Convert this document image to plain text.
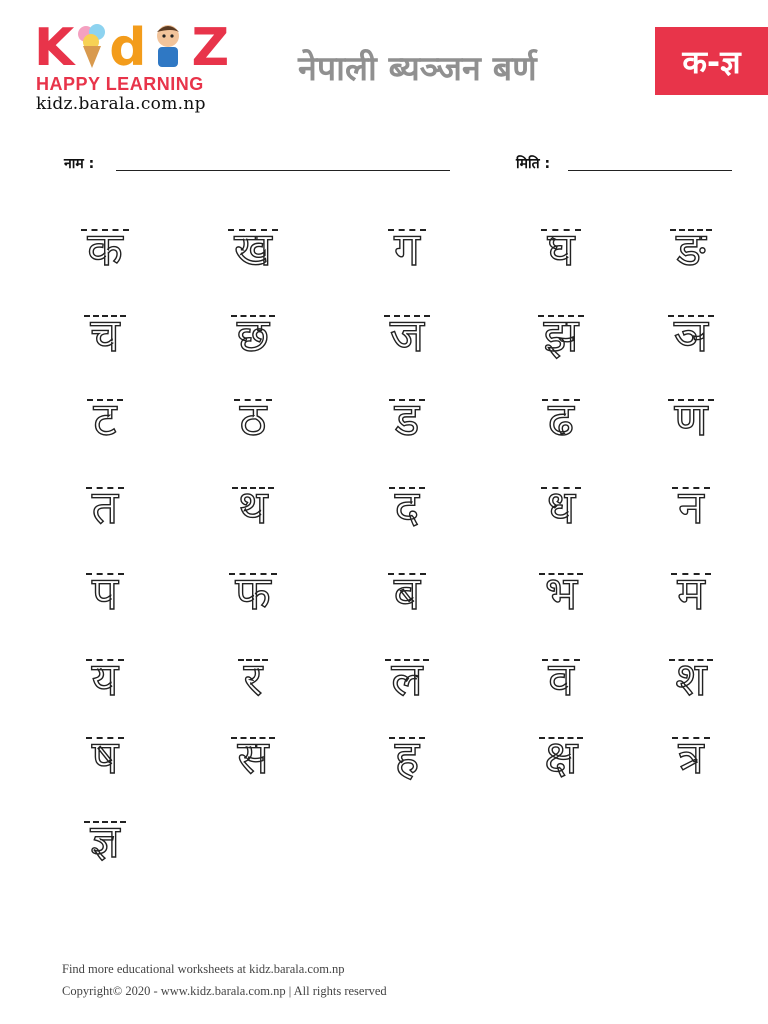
K d Z
HAPPY LEARNING
kidz.barala.com.np
नेपाली ब्यञ्जन बर्ण	क-ज्ञ
नाम :	मिति :
क	ख	ग	घ	ङ
च	छ	ज	झ	ञ
ट	ठ	ड	ढ	ण
त	थ	द	ध	न
प	फ	ब	भ	म
य	र	ल	व	श
ष	स	ह	क्ष	त्र
ज्ञ
Find more educational worksheets at kidz.barala.com.np
Copyright© 2020 - www.kidz.barala.com.np | All rights reserved
